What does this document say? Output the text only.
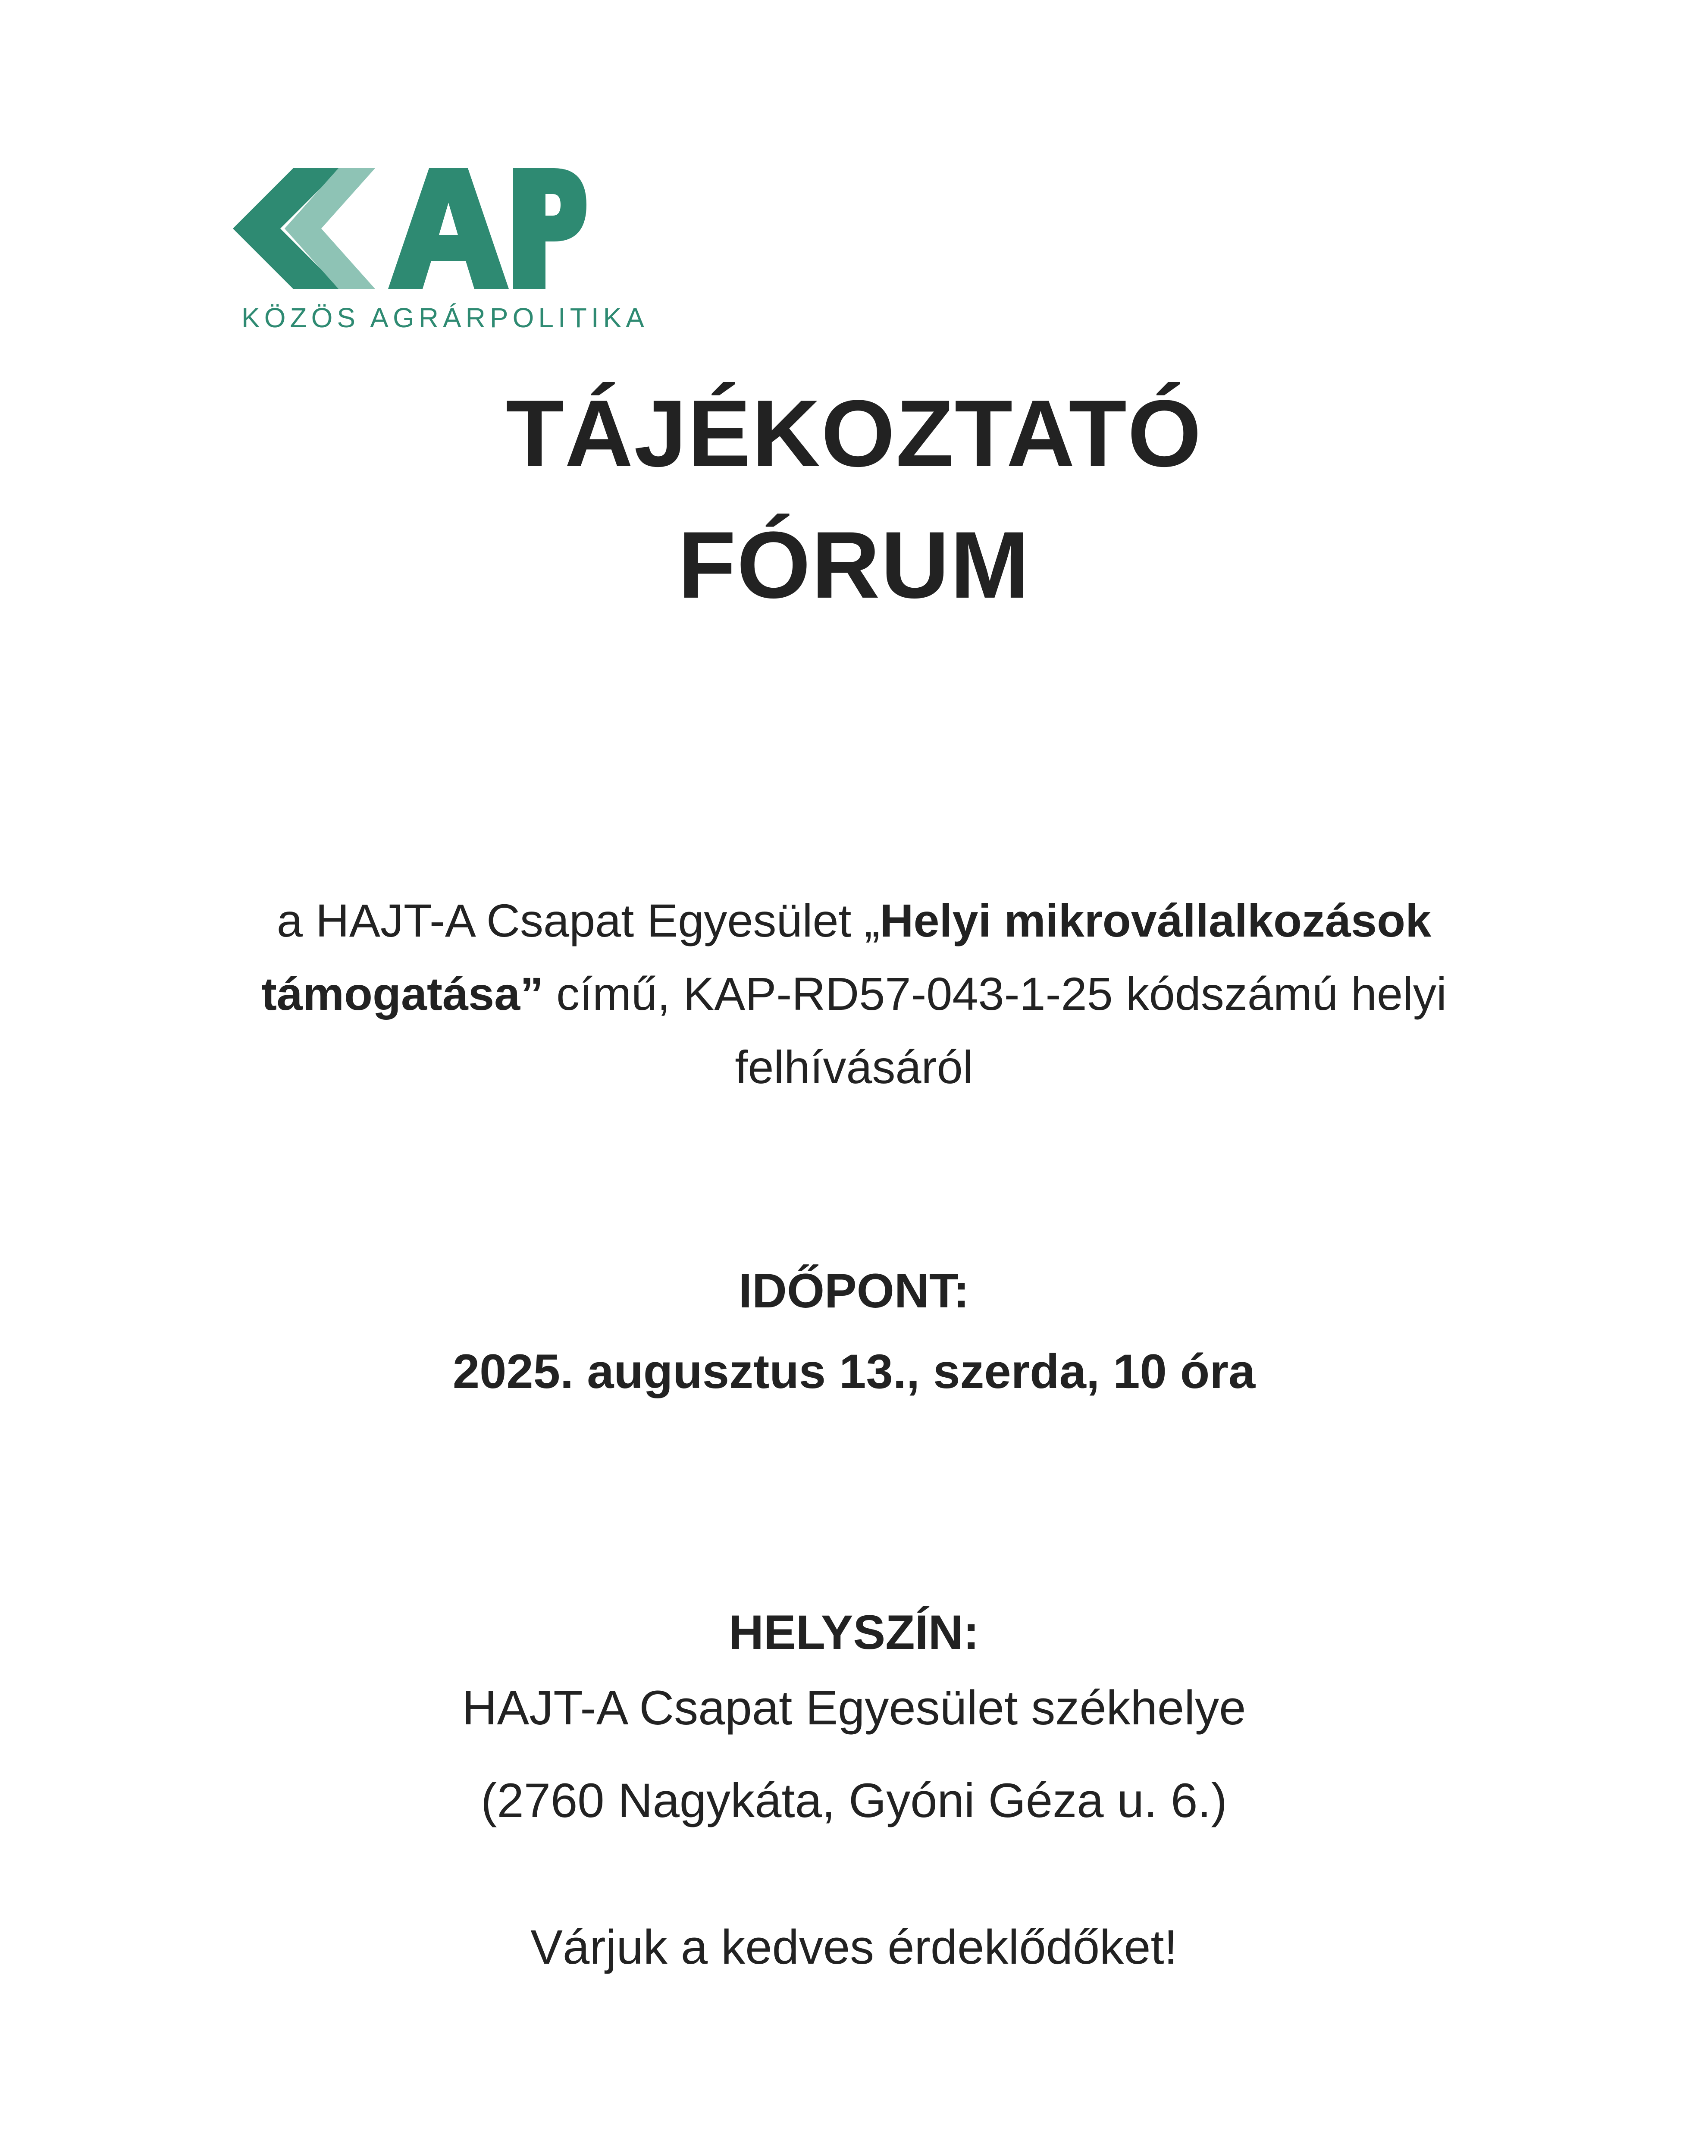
KÖZÖS AGRÁRPOLITIKA
TÁJÉKOZTATÓ
FÓRUM
a HAJT-A Csapat Egyesület „Helyi mikrovállalkozások
támogatása” című, KAP-RD57-043-1-25 kódszámú helyi
felhívásáról
IDŐPONT:
2025. augusztus 13., szerda, 10 óra
HELYSZÍN:
HAJT-A Csapat Egyesület székhelye
(2760 Nagykáta, Gyóni Géza u. 6.)
Várjuk a kedves érdeklődőket!
